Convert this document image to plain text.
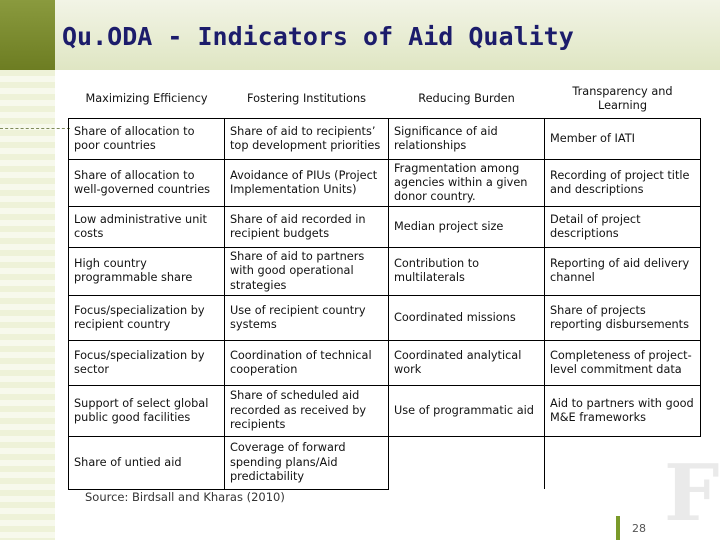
Qu.ODA - Indicators of Aid Quality
Maximizing Efficiency	Fostering Institutions	Reducing Burden	Transparency and Learning
Share of allocation to poor countries	Share of aid to recipients’ top development priorities	Significance of aid relationships	Member of IATI
Share of allocation to well-governed countries	Avoidance of PIUs (Project Implementation Units)	Fragmentation among agencies within a given donor country.	Recording of project title and descriptions
Low administrative unit costs	Share of aid recorded in recipient budgets	Median project size	Detail of project descriptions
High country programmable share	Share of aid to partners with good operational strategies	Contribution to multilaterals	Reporting of aid delivery channel
Focus/specialization by recipient country	Use of recipient country systems	Coordinated missions	Share of projects reporting disbursements
Focus/specialization by sector	Coordination of technical cooperation	Coordinated analytical work	Completeness of project-level commitment data
Support of select global public good facilities	Share of scheduled aid recorded as received by recipients	Use of programmatic aid	Aid to partners with good M&E frameworks
Share of untied aid	Coverage of forward spending plans/Aid predictability		
Source: Birdsall and Kharas (2010)	F
28
